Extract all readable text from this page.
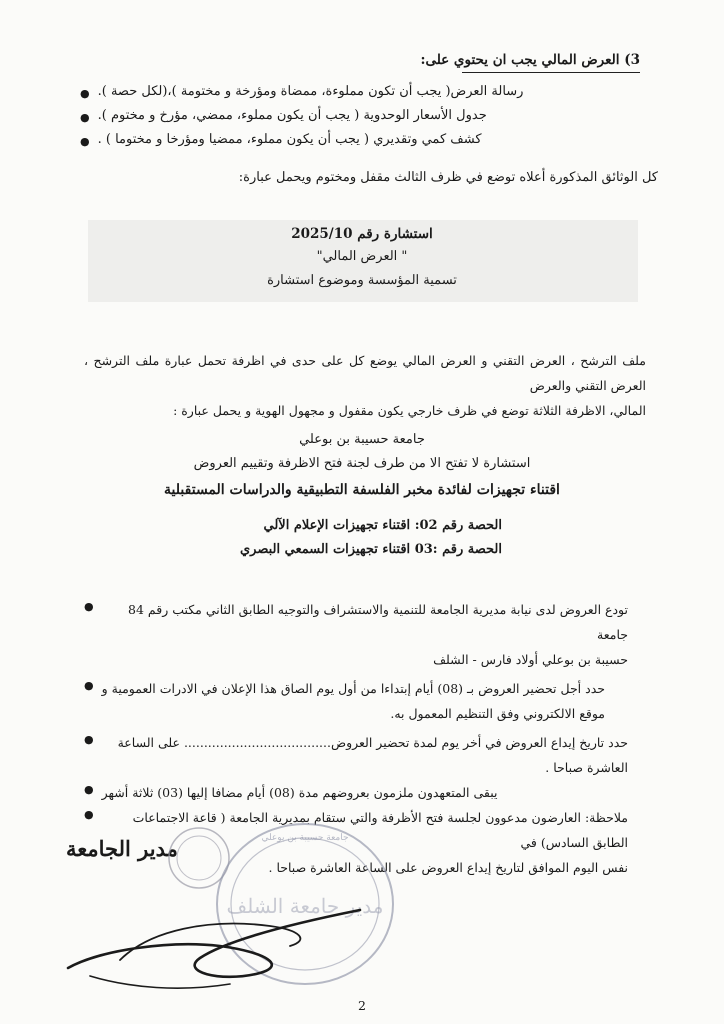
3) العرض المالي يجب ان يحتوي على:
● رسالة العرض( يجب أن تكون مملوءة، ممضاة ومؤرخة و مختومة )،(لكل حصة ).
● جدول الأسعار الوحدوية ( يجب أن يكون مملوء، ممضي، مؤرخ و مختوم ).
● كشف كمي وتقديري ( يجب أن يكون مملوء، ممضيا ومؤرخا و مختوما ) .
كل الوثائق المذكورة أعلاه توضع في ظرف الثالث مقفل ومختوم ويحمل عبارة:
استشارة رقم 2025/10
" العرض المالي"
تسمية المؤسسة وموضوع استشارة
ملف الترشح ، العرض التقني و العرض المالي يوضع كل على حدى في اظرفة تحمل عبارة ملف الترشح ، العرض التقني والعرض
المالي، الاظرفة الثلاثة توضع في ظرف خارجي يكون مقفول و مجهول الهوية و يحمل عبارة :
جامعة حسيبة بن بوعلي
استشارة لا تفتح الا من طرف لجنة فتح الاظرفة وتقييم العروض
اقتناء تجهيزات لفائدة مخبر الفلسفة التطبيقية والدراسات المستقبلية
الحصة رقم 02: اقتناء تجهيزات الإعلام الآلي
الحصة رقم :03 اقتناء تجهيزات السمعي البصري
●	تودع العروض لدى نيابة مديرية الجامعة للتنمية والاستشراف والتوجيه الطابق الثاني مكتب رقم 84 جامعة
حسيبة بن بوعلي أولاد فارس - الشلف
● حدد أجل تحضير العروض بـ (08) أيام إبتداءا من أول يوم الصاق هذا الإعلان في الادرات العمومية و
موقع الالكتروني وفق التنظيم المعمول به.
●	حدد تاريخ إيداع العروض في أخر يوم لمدة تحضير العروض..................................... على الساعة العاشرة صباحا .
● يبقى المتعهدون ملزمون بعروضهم مدة (08) أيام مضافا إليها (03) ثلاثة أشهر
●	ملاحظة: العارضون مدعوون لجلسة فتح الأظرفة والتي ستقام بمديرية الجامعة ( قاعة الاجتماعات الطابق السادس) في
نفس اليوم الموافق لتاريخ إيداع العروض على الساعة العاشرة صباحا .
مدير الجامعة	جامعة حسيبة بن بوعلي
مدير جامعة الشلف
2
